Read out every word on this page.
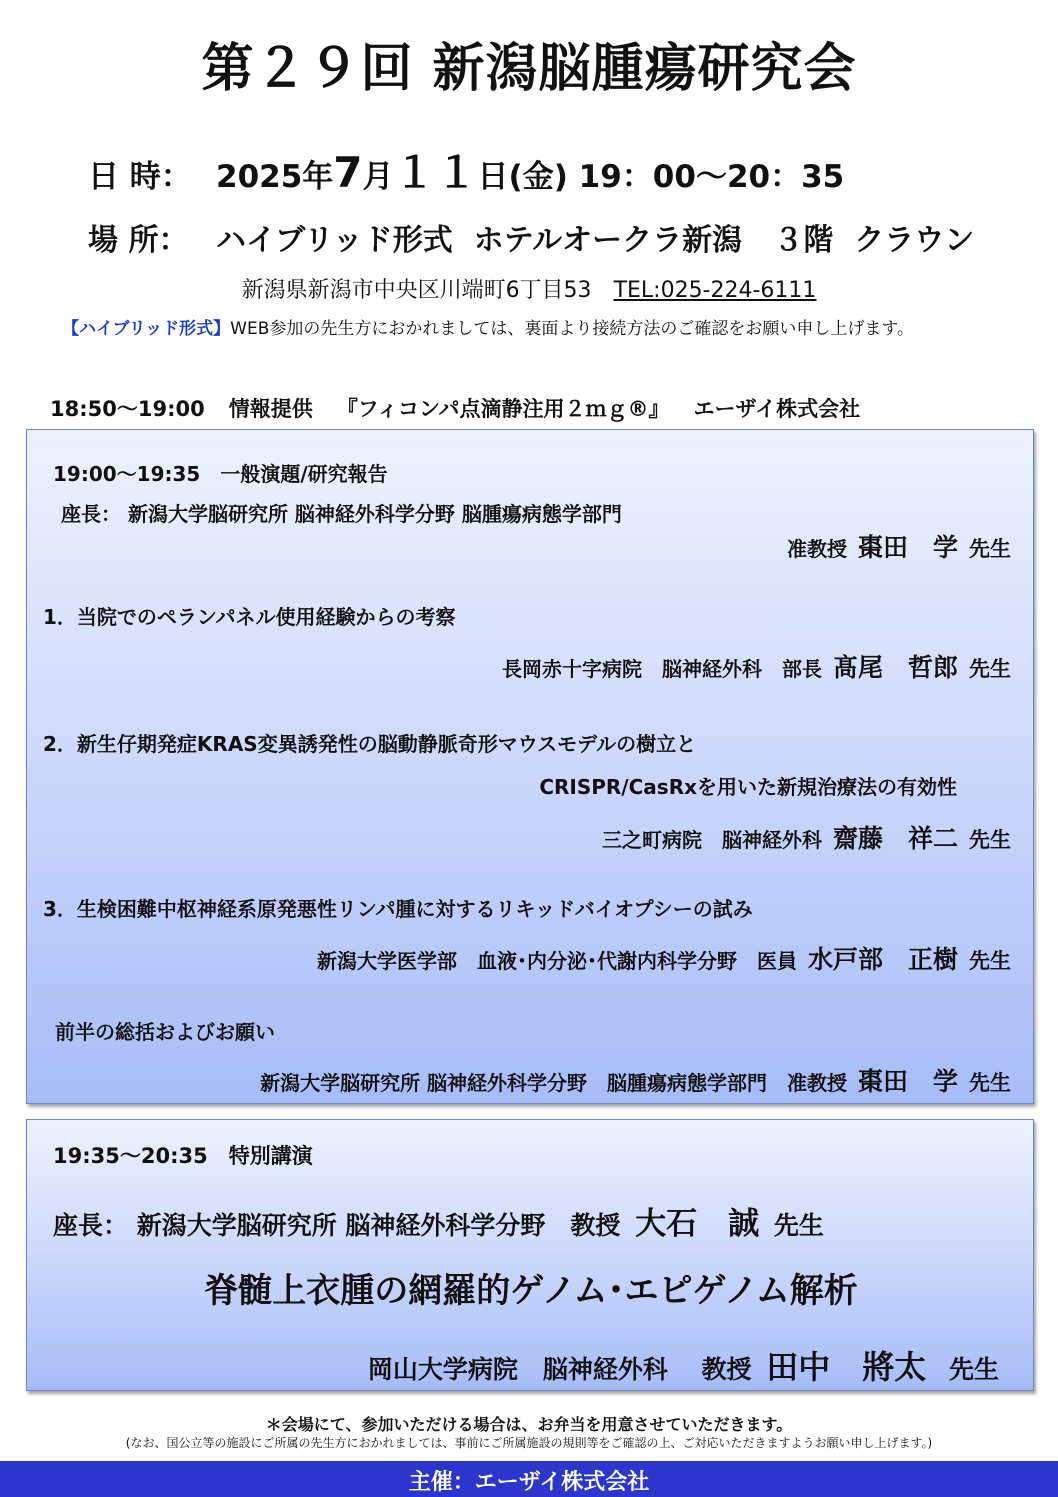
第２９回 新潟脳腫瘍研究会
日 時： 2025年7月１１日(金) 19：00～20：35
場 所： ハイブリッド形式  ホテルオークラ新潟   ３階  クラウン
新潟県新潟市中央区川端町6丁目53 TEL:025-224-6111
【ハイブリッド形式】WEB参加の先生方におかれましては、裏面より接続方法のご確認をお願い申し上げます。
18:50～19:00 情報提供 『フィコンパ点滴静注用２ｍｇ®』 エーザイ株式会社
19:00～19:35　一般演題/研究報告
座長： 新潟大学脳研究所 脳神経外科学分野 脳腫瘍病態学部門
准教授 棗田　学 先生
1．当院でのペランパネル使用経験からの考察
長岡赤十字病院　脳神経外科　部長 髙尾　哲郎 先生
2．新生仔期発症KRAS変異誘発性の脳動静脈奇形マウスモデルの樹立と
CRISPR/CasRxを用いた新規治療法の有効性
三之町病院　脳神経外科 齋藤　祥二 先生
3．生検困難中枢神経系原発悪性リンパ腫に対するリキッドバイオプシーの試み
新潟大学医学部　血液･内分泌･代謝内科学分野　医員 水戸部　正樹 先生
前半の総括およびお願い
新潟大学脳研究所 脳神経外科学分野　脳腫瘍病態学部門　准教授 棗田　学 先生
19:35～20:35　特別講演
座長： 新潟大学脳研究所 脳神経外科学分野　教授 大石　誠 先生
脊髄上衣腫の網羅的ゲノム･エピゲノム解析
岡山大学病院　脳神経外科　 教授 田中　將太 先生
＊会場にて、参加いただける場合は、お弁当を用意させていただきます。
(なお、国公立等の施設にご所属の先生方におかれましては、事前にご所属施設の規則等をご確認の上、ご対応いただきますようお願い申し上げます。)
主催：エーザイ株式会社
